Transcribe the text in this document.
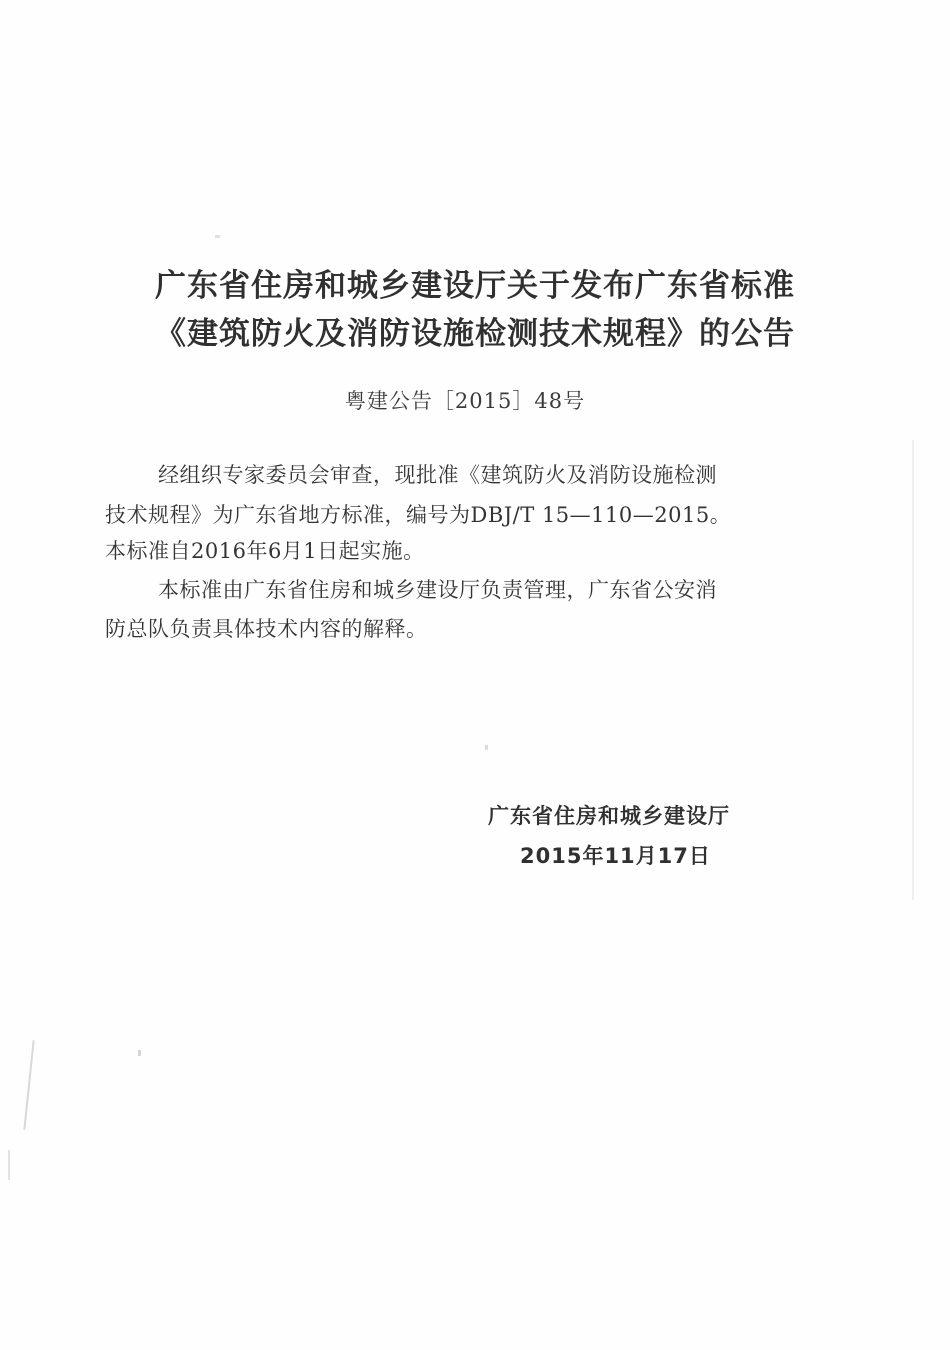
广东省住房和城乡建设厅关于发布广东省标准
《建筑防火及消防设施检测技术规程》的公告
粤建公告［2015］48号
经组织专家委员会审查，现批准《建筑防火及消防设施检测
技术规程》为广东省地方标准，编号为DBJ/T 15—110—2015。
本标准自2016年6月1日起实施。
本标准由广东省住房和城乡建设厅负责管理，广东省公安消
防总队负责具体技术内容的解释。
广东省住房和城乡建设厅
2015年11月17日
